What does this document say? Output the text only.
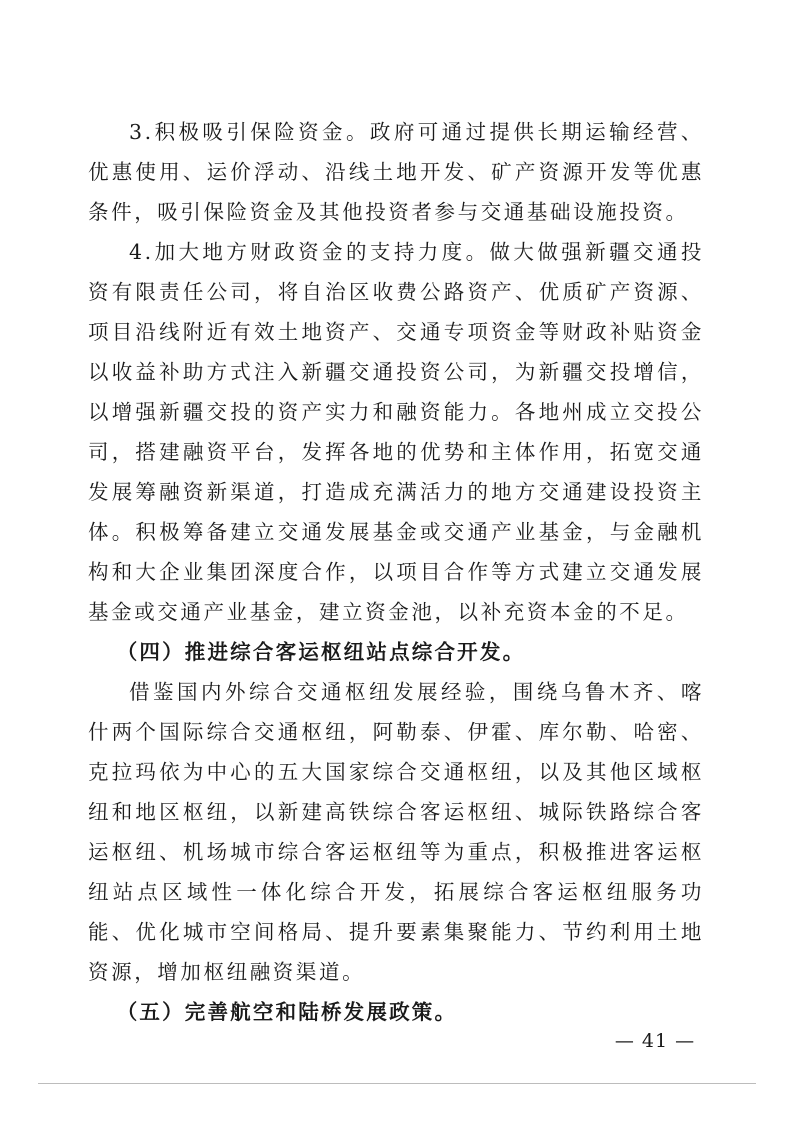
3.积极吸引保险资金。政府可通过提供长期运输经营、优惠使用、运价浮动、沿线土地开发、矿产资源开发等优惠条件，吸引保险资金及其他投资者参与交通基础设施投资。

4.加大地方财政资金的支持力度。做大做强新疆交通投资有限责任公司，将自治区收费公路资产、优质矿产资源、项目沿线附近有效土地资产、交通专项资金等财政补贴资金以收益补助方式注入新疆交通投资公司，为新疆交投增信，以增强新疆交投的资产实力和融资能力。各地州成立交投公司，搭建融资平台，发挥各地的优势和主体作用，拓宽交通发展筹融资新渠道，打造成充满活力的地方交通建设投资主体。积极筹备建立交通发展基金或交通产业基金，与金融机构和大企业集团深度合作，以项目合作等方式建立交通发展基金或交通产业基金，建立资金池，以补充资本金的不足。

（四）推进综合客运枢纽站点综合开发。

借鉴国内外综合交通枢纽发展经验，围绕乌鲁木齐、喀什两个国际综合交通枢纽，阿勒泰、伊霍、库尔勒、哈密、克拉玛依为中心的五大国家综合交通枢纽，以及其他区域枢纽和地区枢纽，以新建高铁综合客运枢纽、城际铁路综合客运枢纽、机场城市综合客运枢纽等为重点，积极推进客运枢纽站点区域性一体化综合开发，拓展综合客运枢纽服务功能、优化城市空间格局、提升要素集聚能力、节约利用土地资源，增加枢纽融资渠道。

（五）完善航空和陆桥发展政策。

— 41 —
